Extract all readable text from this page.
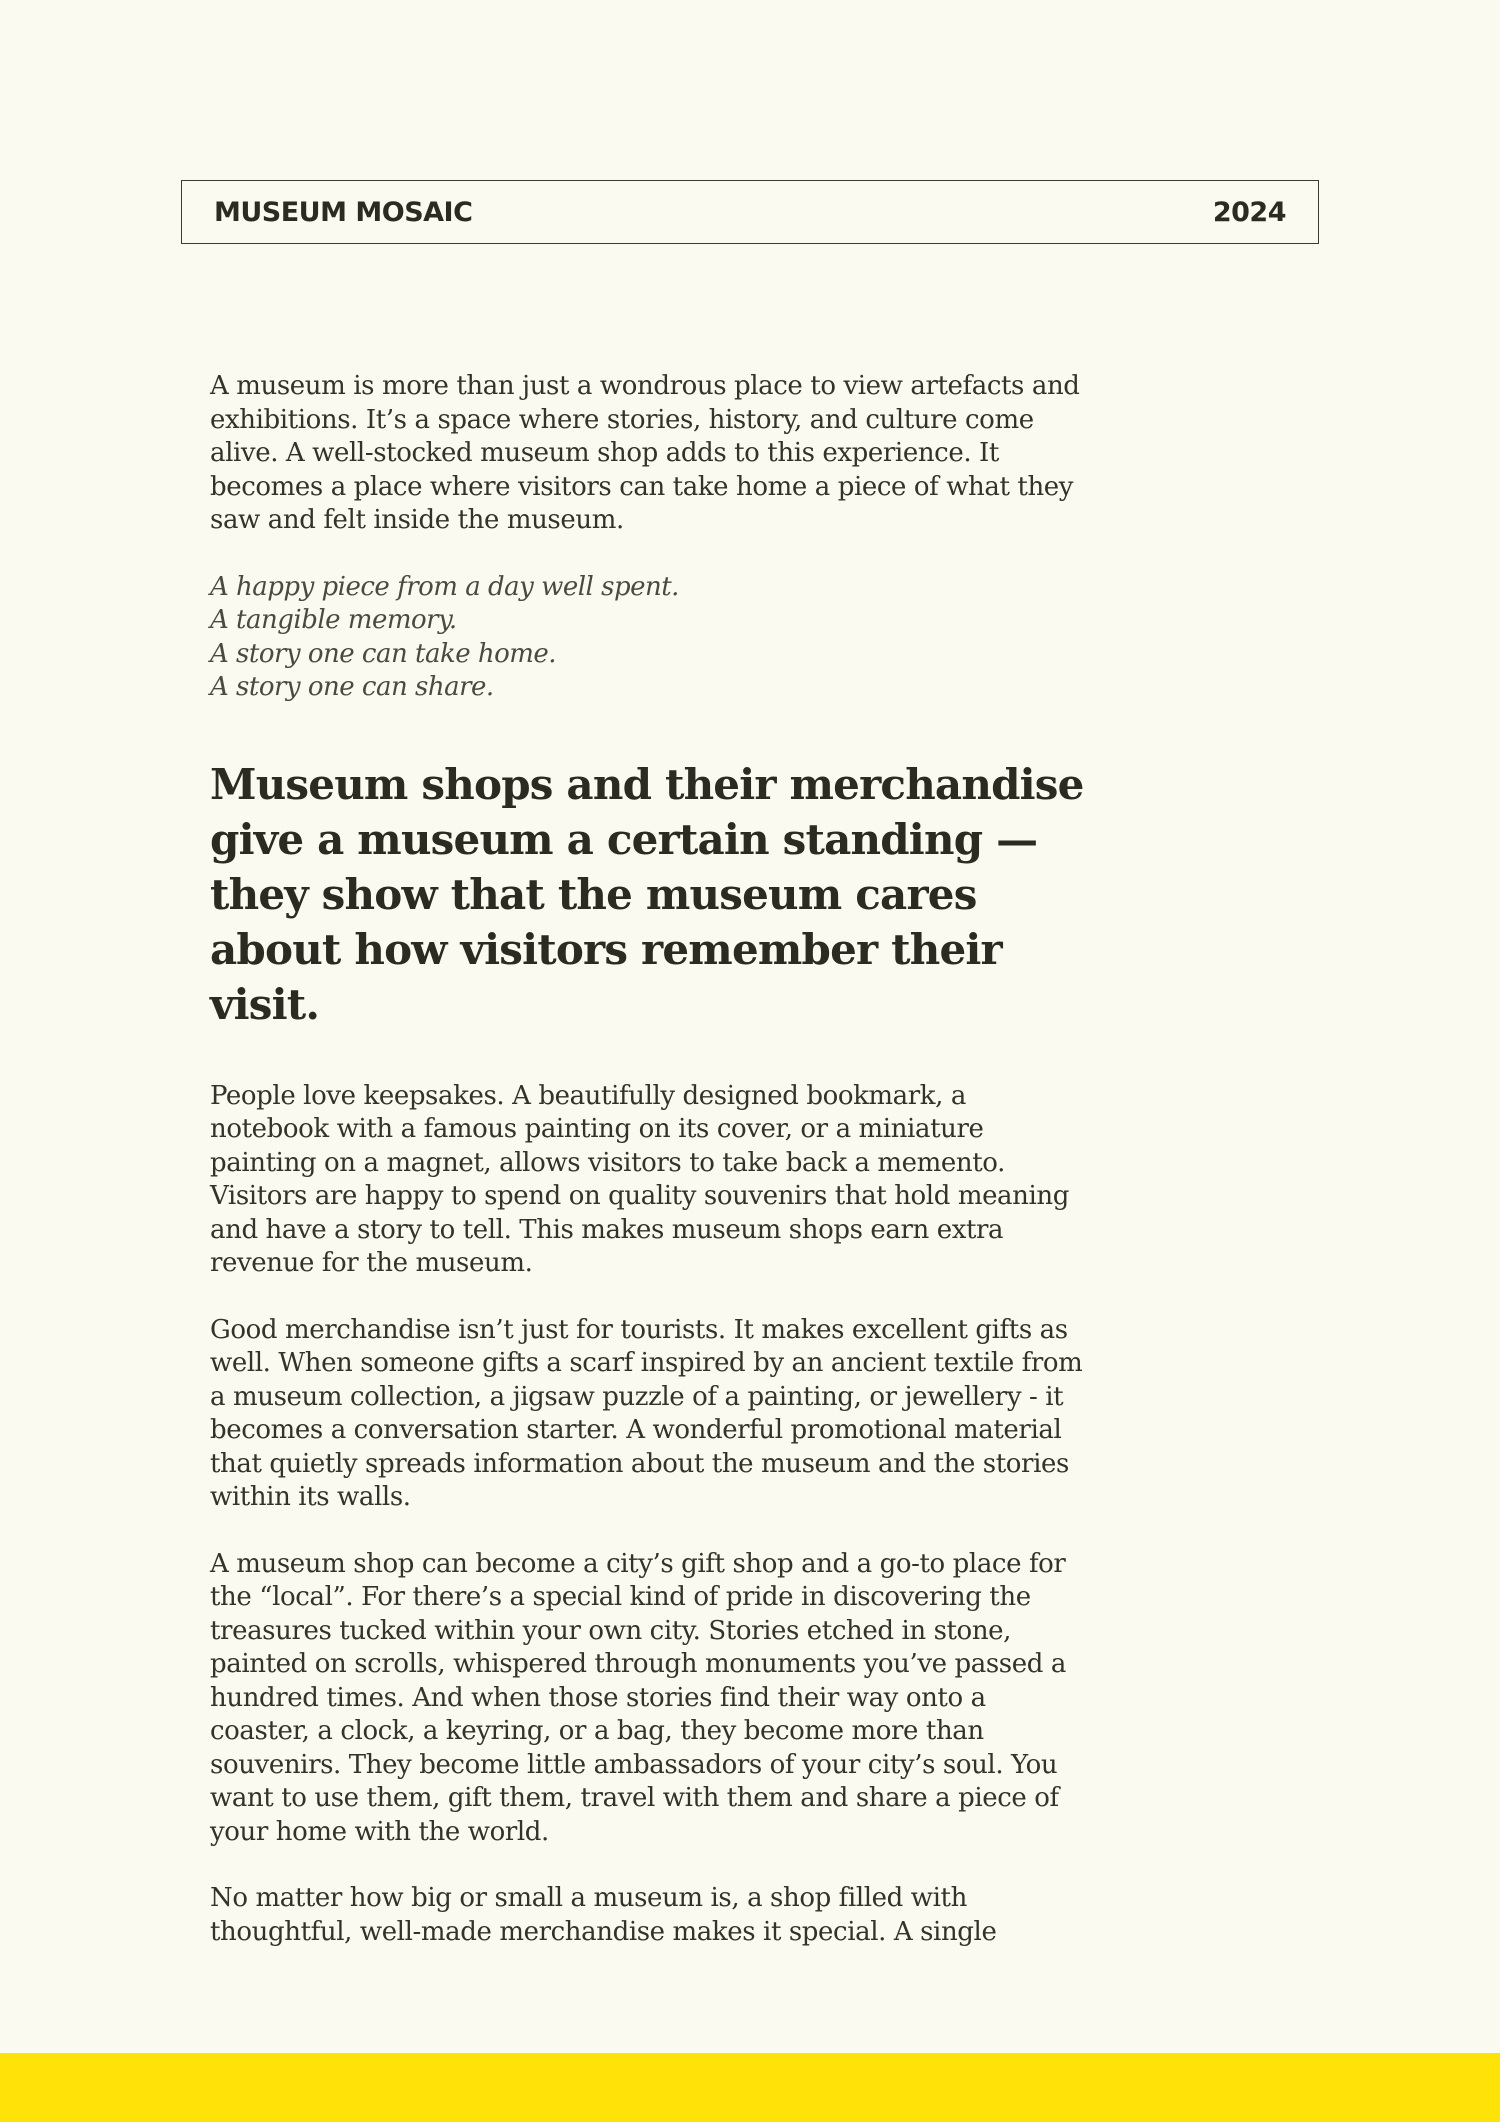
MUSEUM MOSAIC	2024

A museum is more than just a wondrous place to view artefacts and exhibitions. It’s a space where stories, history, and culture come alive. A well-stocked museum shop adds to this experience. It becomes a place where visitors can take home a piece of what they saw and felt inside the museum.

A happy piece from a day well spent.
A tangible memory.
A story one can take home.
A story one can share.
Museum shops and their merchandise give a museum a certain standing — they show that the museum cares about how visitors remember their visit.

People love keepsakes. A beautifully designed bookmark, a notebook with a famous painting on its cover, or a miniature painting on a magnet, allows visitors to take back a memento. Visitors are happy to spend on quality souvenirs that hold meaning and have a story to tell. This makes museum shops earn extra revenue for the museum.

Good merchandise isn’t just for tourists. It makes excellent gifts as well. When someone gifts a scarf inspired by an ancient textile from a museum collection, a jigsaw puzzle of a painting, or jewellery - it becomes a conversation starter. A wonderful promotional material that quietly spreads information about the museum and the stories within its walls.

A museum shop can become a city’s gift shop and a go-to place for the “local”. For there’s a special kind of pride in discovering the treasures tucked within your own city. Stories etched in stone, painted on scrolls, whispered through monuments you’ve passed a hundred times. And when those stories find their way onto a coaster, a clock, a keyring, or a bag, they become more than souvenirs. They become little ambassadors of your city’s soul. You want to use them, gift them, travel with them and share a piece of your home with the world.

No matter how big or small a museum is, a shop filled with thoughtful, well-made merchandise makes it special. A single
